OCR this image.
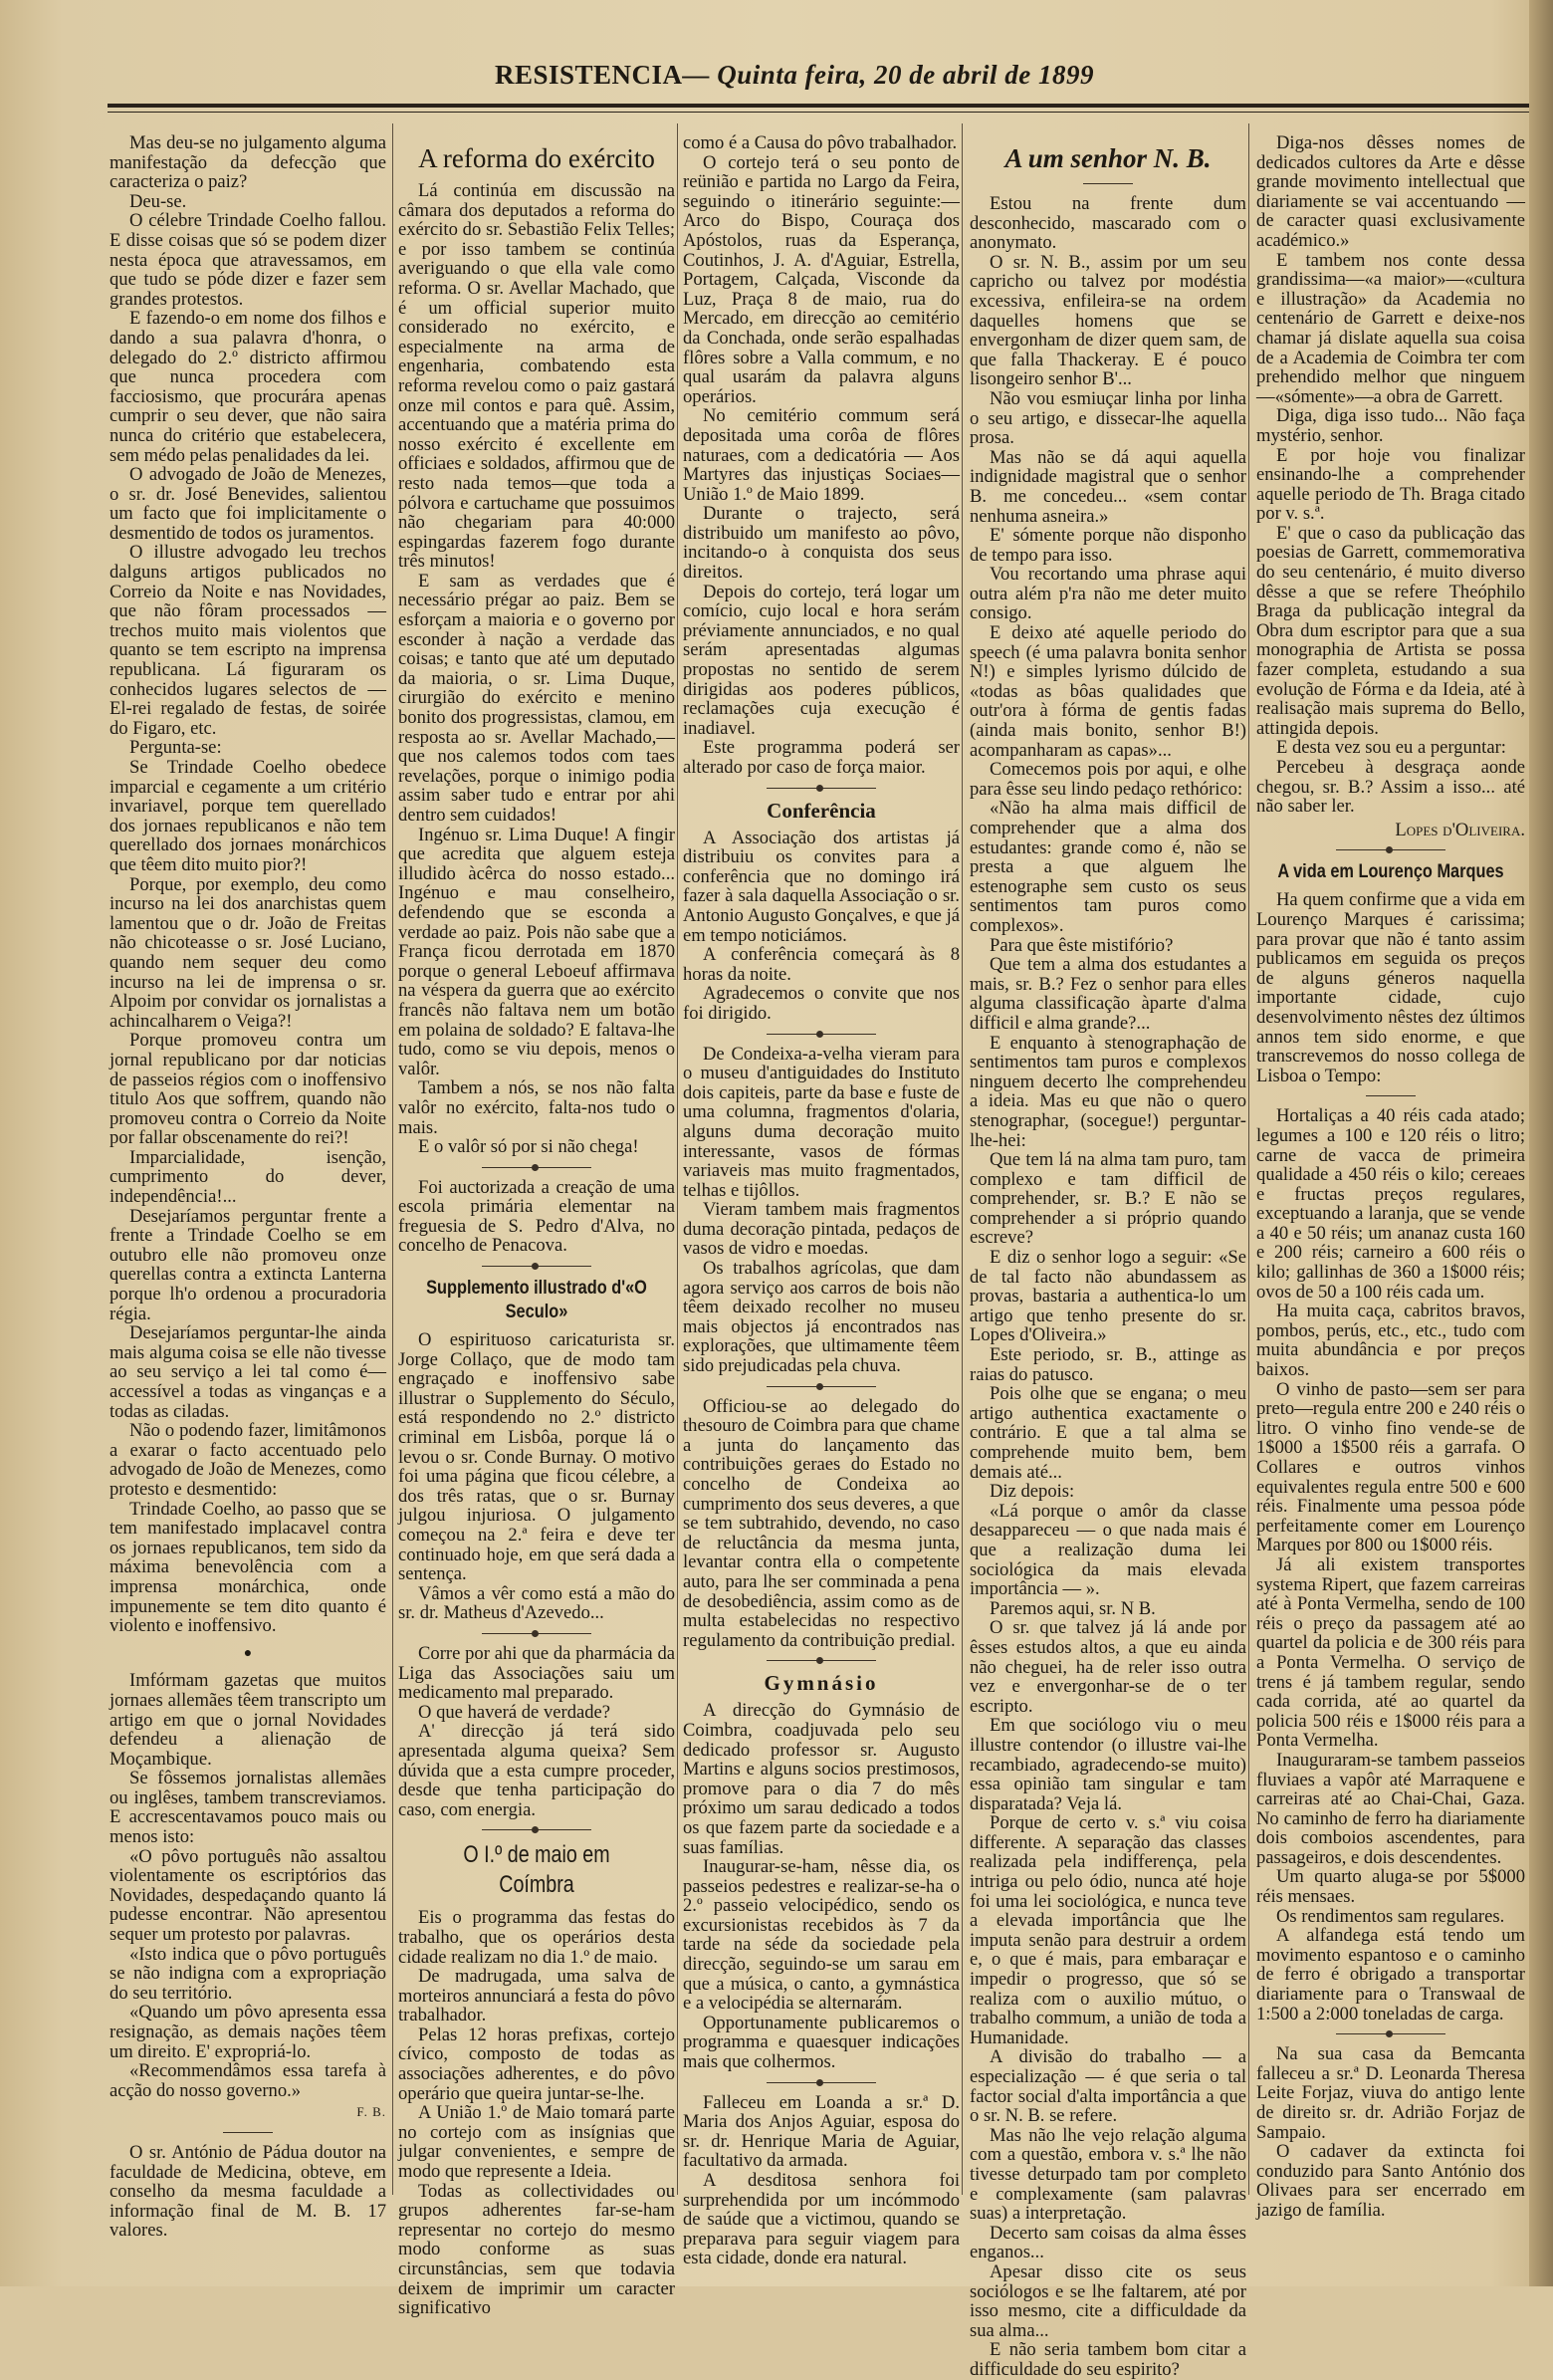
RESISTENCIA— Quinta feira, 20 de abril de 1899

Mas deu-se no julgamento alguma manifestação da defecção que caracteriza o paiz?

Deu-se.

O célebre Trindade Coelho fallou. E disse coisas que só se podem dizer nesta época que atravessamos, em que tudo se póde dizer e fazer sem grandes protestos.

E fazendo-o em nome dos filhos e dando a sua palavra d'honra, o delegado do 2.º districto affirmou que nunca procedera com facciosismo, que procurára apenas cumprir o seu dever, que não saira nunca do critério que estabelecera, sem médo pelas penalidades da lei.

O advogado de João de Menezes, o sr. dr. José Benevides, salientou um facto que foi implicitamente o desmentido de todos os juramentos.

O illustre advogado leu trechos dalguns artigos publicados no Correio da Noite e nas Novidades, que não fôram processados — trechos muito mais violentos que quanto se tem escripto na imprensa republicana. Lá figuraram os conhecidos lugares selectos de — El-rei regalado de festas, de soirée do Figaro, etc.

Pergunta-se:

Se Trindade Coelho obedece imparcial e cegamente a um critério invariavel, porque tem querellado dos jornaes republicanos e não tem querellado dos jornaes monárchicos que têem dito muito pior?!

Porque, por exemplo, deu como incurso na lei dos anarchistas quem lamentou que o dr. João de Freitas não chicoteasse o sr. José Luciano, quando nem sequer deu como incurso na lei de imprensa o sr. Alpoim por convidar os jornalistas a achincalharem o Veiga?!

Porque promoveu contra um jornal republicano por dar noticias de passeios régios com o inoffensivo titulo Aos que soffrem, quando não promoveu contra o Correio da Noite por fallar obscenamente do rei?!

Imparcialidade, isenção, cumprimento do dever, independência!...

Desejaríamos perguntar frente a frente a Trindade Coelho se em outubro elle não promoveu onze querellas contra a extincta Lanterna porque lh'o ordenou a procuradoria régia.

Desejaríamos perguntar-lhe ainda mais alguma coisa se elle não tivesse ao seu serviço a lei tal como é—accessível a todas as vinganças e a todas as ciladas.

Não o podendo fazer, limitâmonos a exarar o facto accentuado pelo advogado de João de Menezes, como protesto e desmentido:

Trindade Coelho, ao passo que se tem manifestado implacavel contra os jornaes republicanos, tem sido da máxima benevolência com a imprensa monárchica, onde impunemente se tem dito quanto é violento e inoffensivo.

●

Imfórmam gazetas que muitos jornaes allemães têem transcripto um artigo em que o jornal Novidades defendeu a alienação de Moçambique.

Se fôssemos jornalistas allemães ou inglêses, tambem transcreviamos. E accrescentavamos pouco mais ou menos isto:

«O pôvo português não assaltou violentamente os escriptórios das Novidades, despedaçando quanto lá pudesse encontrar. Não apresentou sequer um protesto por palavras.

«Isto indica que o pôvo português se não indigna com a expropriação do seu território.

«Quando um pôvo apresenta essa resignação, as demais nações têem um direito. E' expropriá-lo.

«Recommendâmos essa tarefa à acção do nosso governo.»

F. B.

O sr. António de Pádua doutor na faculdade de Medicina, obteve, em conselho da mesma faculdade a informação final de M. B. 17 valores.

A reforma do exército

Lá continúa em discussão na câmara dos deputados a reforma do exército do sr. Sebastião Felix Telles; e por isso tambem se continúa averiguando o que ella vale como reforma. O sr. Avellar Machado, que é um official superior muito considerado no exército, e especialmente na arma de engenharia, combatendo esta reforma revelou como o paiz gastará onze mil contos e para quê. Assim, accentuando que a matéria prima do nosso exército é excellente em officiaes e soldados, affirmou que de resto nada temos—que toda a pólvora e cartuchame que possuimos não chegariam para 40:000 espingardas fazerem fogo durante três minutos!

E sam as verdades que é necessário prégar ao paiz. Bem se esforçam a maioria e o governo por esconder à nação a verdade das coisas; e tanto que até um deputado da maioria, o sr. Lima Duque, cirurgião do exército e menino bonito dos progressistas, clamou, em resposta ao sr. Avellar Machado,—que nos calemos todos com taes revelações, porque o inimigo podia assim saber tudo e entrar por ahi dentro sem cuidados!

Ingénuo sr. Lima Duque! A fingir que acredita que alguem esteja illudido àcêrca do nosso estado... Ingénuo e mau conselheiro, defendendo que se esconda a verdade ao paiz. Pois não sabe que a França ficou derrotada em 1870 porque o general Leboeuf affirmava na véspera da guerra que ao exército francês não faltava nem um botão em polaina de soldado? E faltava-lhe tudo, como se viu depois, menos o valôr.

Tambem a nós, se nos não falta valôr no exército, falta-nos tudo o mais.

E o valôr só por si não chega!

Foi auctorizada a creação de uma escola primária elementar na freguesia de S. Pedro d'Alva, no concelho de Penacova.

Supplemento illustrado d'«O Seculo»

O espirituoso caricaturista sr. Jorge Collaço, que de modo tam engraçado e inoffensivo sabe illustrar o Supplemento do Século, está respondendo no 2.º districto criminal em Lisbôa, porque lá o levou o sr. Conde Burnay. O motivo foi uma página que ficou célebre, a dos três ratas, que o sr. Burnay julgou injuriosa. O julgamento começou na 2.ª feira e deve ter continuado hoje, em que será dada a sentença.

Vâmos a vêr como está a mão do sr. dr. Matheus d'Azevedo...

Corre por ahi que da pharmácia da Liga das Associações saiu um medicamento mal preparado.

O que haverá de verdade?

A' direcção já terá sido apresentada alguma queixa? Sem dúvida que a esta cumpre proceder, desde que tenha participação do caso, com energia.

O I.º de maio em Coímbra

Eis o programma das festas do trabalho, que os operários desta cidade realizam no dia 1.º de maio.

De madrugada, uma salva de morteiros annunciará a festa do pôvo trabalhador.

Pelas 12 horas prefixas, cortejo cívico, composto de todas as associações adherentes, e do pôvo operário que queira juntar-se-lhe.

A União 1.º de Maio tomará parte no cortejo com as insígnias que julgar convenientes, e sempre de modo que represente a Ideia.

Todas as collectividades ou grupos adherentes far-se-ham representar no cortejo do mesmo modo conforme as suas circunstâncias, sem que todavia deixem de imprimir um caracter significativo

como é a Causa do pôvo trabalhador.

O cortejo terá o seu ponto de reünião e partida no Largo da Feira, seguindo o itinerário seguinte:—Arco do Bispo, Couraça dos Apóstolos, ruas da Esperança, Coutinhos, J. A. d'Aguiar, Estrella, Portagem, Calçada, Visconde da Luz, Praça 8 de maio, rua do Mercado, em direcção ao cemitério da Conchada, onde serão espalhadas flôres sobre a Valla commum, e no qual usarám da palavra alguns operários.

No cemitério commum será depositada uma corôa de flôres naturaes, com a dedicatória — Aos Martyres das injustiças Sociaes— União 1.º de Maio 1899.

Durante o trajecto, será distribuido um manifesto ao pôvo, incitando-o à conquista dos seus direitos.

Depois do cortejo, terá logar um comício, cujo local e hora serám préviamente annunciados, e no qual serám apresentadas algumas propostas no sentido de serem dirigidas aos poderes públicos, reclamações cuja execução é inadiavel.

Este programma poderá ser alterado por caso de força maior.

Conferência

A Associação dos artistas já distribuiu os convites para a conferência que no domingo irá fazer à sala daquella Associação o sr. Antonio Augusto Gonçalves, e que já em tempo noticiámos.

A conferência começará às 8 horas da noite.

Agradecemos o convite que nos foi dirigido.

De Condeixa-a-velha vieram para o museu d'antiguidades do Instituto dois capiteis, parte da base e fuste de uma columna, fragmentos d'olaria, alguns duma decoração muito interessante, vasos de fórmas variaveis mas muito fragmentados, telhas e tijôllos.

Vieram tambem mais fragmentos duma decoração pintada, pedaços de vasos de vidro e moedas.

Os trabalhos agrícolas, que dam agora serviço aos carros de bois não têem deixado recolher no museu mais objectos já encontrados nas explorações, que ultimamente têem sido prejudicadas pela chuva.

Officiou-se ao delegado do thesouro de Coimbra para que chame a junta do lançamento das contribuições geraes do Estado no concelho de Condeixa ao cumprimento dos seus deveres, a que se tem subtrahido, devendo, no caso de reluctância da mesma junta, levantar contra ella o competente auto, para lhe ser comminada a pena de desobediência, assim como as de multa estabelecidas no respectivo regulamento da contribuição predial.

Gymnásio

A direcção do Gymnásio de Coimbra, coadjuvada pelo seu dedicado professor sr. Augusto Martins e alguns socios prestimosos, promove para o dia 7 do mês próximo um sarau dedicado a todos os que fazem parte da sociedade e a suas famílias.

Inaugurar-se-ham, nêsse dia, os passeios pedestres e realizar-se-ha o 2.º passeio velocipédico, sendo os excursionistas recebidos às 7 da tarde na séde da sociedade pela direcção, seguindo-se um sarau em que a música, o canto, a gymnástica e a velocipédia se alternarám.

Opportunamente publicaremos o programma e quaesquer indicações mais que colhermos.

Falleceu em Loanda a sr.ª D. Maria dos Anjos Aguiar, esposa do sr. dr. Henrique Maria de Aguiar, facultativo da armada.

A desditosa senhora foi surprehendida por um incómmodo de saúde que a victimou, quando se preparava para seguir viagem para esta cidade, donde era natural.

A um senhor N. B.

Estou na frente dum desconhecido, mascarado com o anonymato.

O sr. N. B., assim por um seu capricho ou talvez por modéstia excessiva, enfileira-se na ordem daquelles homens que se envergonham de dizer quem sam, de que falla Thackeray. E é pouco lisongeiro senhor B'...

Não vou esmiuçar linha por linha o seu artigo, e dissecar-lhe aquella prosa.

Mas não se dá aqui aquella indignidade magistral que o senhor B. me concedeu... «sem contar nenhuma asneira.»

E' sómente porque não disponho de tempo para isso.

Vou recortando uma phrase aqui outra além p'ra não me deter muito consigo.

E deixo até aquelle periodo do speech (é uma palavra bonita senhor N!) e simples lyrismo dúlcido de «todas as bôas qualidades que outr'ora à fórma de gentis fadas (ainda mais bonito, senhor B!) acompanharam as capas»...

Comecemos pois por aqui, e olhe para êsse seu lindo pedaço rethórico:

«Não ha alma mais difficil de comprehender que a alma dos estudantes: grande como é, não se presta a que alguem lhe estenographe sem custo os seus sentimentos tam puros como complexos».

Para que êste mistifório?

Que tem a alma dos estudantes a mais, sr. B.? Fez o senhor para elles alguma classificação àparte d'alma difficil e alma grande?...

E enquanto à stenographação de sentimentos tam puros e complexos ninguem decerto lhe comprehendeu a ideia. Mas eu que não o quero stenographar, (socegue!) perguntar-lhe-hei:

Que tem lá na alma tam puro, tam complexo e tam difficil de comprehender, sr. B.? E não se comprehender a si próprio quando escreve?

E diz o senhor logo a seguir: «Se de tal facto não abundassem as provas, bastaria a authentica-lo um artigo que tenho presente do sr. Lopes d'Oliveira.»

Este periodo, sr. B., attinge as raias do patusco.

Pois olhe que se engana; o meu artigo authentica exactamente o contrário. E que a tal alma se comprehende muito bem, bem demais até...

Diz depois:

«Lá porque o amôr da classe desappareceu — o que nada mais é que a realização duma lei sociológica da mais elevada importância — ».

Paremos aqui, sr. N B.

O sr. que talvez já lá ande por êsses estudos altos, a que eu ainda não cheguei, ha de reler isso outra vez e envergonhar-se de o ter escripto.

Em que sociólogo viu o meu illustre contendor (o illustre vai-lhe recambiado, agradecendo-se muito) essa opinião tam singular e tam disparatada? Veja lá.

Porque de certo v. s.ª viu coisa differente. A separação das classes realizada pela indifferença, pela intriga ou pelo ódio, nunca até hoje foi uma lei sociológica, e nunca teve a elevada importância que lhe imputa senão para destruir a ordem e, o que é mais, para embaraçar e impedir o progresso, que só se realiza com o auxilio mútuo, o trabalho commum, a união de toda a Humanidade.

A divisão do trabalho — a especialização — é que seria o tal factor social d'alta importância a que o sr. N. B. se refere.

Mas não lhe vejo relação alguma com a questão, embora v. s.ª lhe não tivesse deturpado tam por completo e complexamente (sam palavras suas) a interpretação.

Decerto sam coisas da alma êsses enganos...

Apesar disso cite os seus sociólogos e se lhe faltarem, até por isso mesmo, cite a difficuldade da sua alma...

E não seria tambem bom citar a difficuldade do seu espirito?

Diga-nos dêsses nomes de dedicados cultores da Arte e dêsse grande movimento intellectual que diariamente se vai accentuando — de caracter quasi exclusivamente académico.»

E tambem nos conte dessa grandissima—«a maior»—«cultura e illustração» da Academia no centenário de Garrett e deixe-nos chamar já dislate aquella sua coisa de a Academia de Coimbra ter com prehendido melhor que ninguem—«sómente»—a obra de Garrett.

Diga, diga isso tudo... Não faça mystério, senhor.

E por hoje vou finalizar ensinando-lhe a comprehender aquelle periodo de Th. Braga citado por v. s.ª.

E' que o caso da publicação das poesias de Garrett, commemorativa do seu centenário, é muito diverso dêsse a que se refere Theóphilo Braga da publicação integral da Obra dum escriptor para que a sua monographia de Artista se possa fazer completa, estudando a sua evolução de Fórma e da Ideia, até à realisação mais suprema do Bello, attingida depois.

E desta vez sou eu a perguntar:

Percebeu à desgraça aonde chegou, sr. B.? Assim a isso... até não saber ler.

Lopes d'Oliveira.
A vida em Lourenço Marques

Ha quem confirme que a vida em Lourenço Marques é carissima; para provar que não é tanto assim publicamos em seguida os preços de alguns géneros naquella importante cidade, cujo desenvolvimento nêstes dez últimos annos tem sido enorme, e que transcrevemos do nosso collega de Lisboa o Tempo:

Hortaliças a 40 réis cada atado; legumes a 100 e 120 réis o litro; carne de vacca de primeira qualidade a 450 réis o kilo; cereaes e fructas preços regulares, exceptuando a laranja, que se vende a 40 e 50 réis; um ananaz custa 160 e 200 réis; carneiro a 600 réis o kilo; gallinhas de 360 a 1$000 réis; ovos de 50 a 100 réis cada um.

Ha muita caça, cabritos bravos, pombos, perús, etc., etc., tudo com muita abundância e por preços baixos.

O vinho de pasto—sem ser para preto—regula entre 200 e 240 réis o litro. O vinho fino vende-se de 1$000 a 1$500 réis a garrafa. O Collares e outros vinhos equivalentes regula entre 500 e 600 réis. Finalmente uma pessoa póde perfeitamente comer em Lourenço Marques por 800 ou 1$000 réis.

Já ali existem transportes systema Ripert, que fazem carreiras até à Ponta Vermelha, sendo de 100 réis o preço da passagem até ao quartel da policia e de 300 réis para a Ponta Vermelha. O serviço de trens é já tambem regular, sendo cada corrida, até ao quartel da policia 500 réis e 1$000 réis para a Ponta Vermelha.

Inauguraram-se tambem passeios fluviaes a vapôr até Marraquene e carreiras até ao Chai-Chai, Gaza. No caminho de ferro ha diariamente dois comboios ascendentes, para passageiros, e dois descendentes.

Um quarto aluga-se por 5$000 réis mensaes.

Os rendimentos sam regulares.

A alfandega está tendo um movimento espantoso e o caminho de ferro é obrigado a transportar diariamente para o Transwaal de 1:500 a 2:000 toneladas de carga.

Na sua casa da Bemcanta falleceu a sr.ª D. Leonarda Theresa Leite Forjaz, viuva do antigo lente de direito sr. dr. Adrião Forjaz de Sampaio.

O cadaver da extincta foi conduzido para Santo António dos Olivaes para ser encerrado em jazigo de família.
